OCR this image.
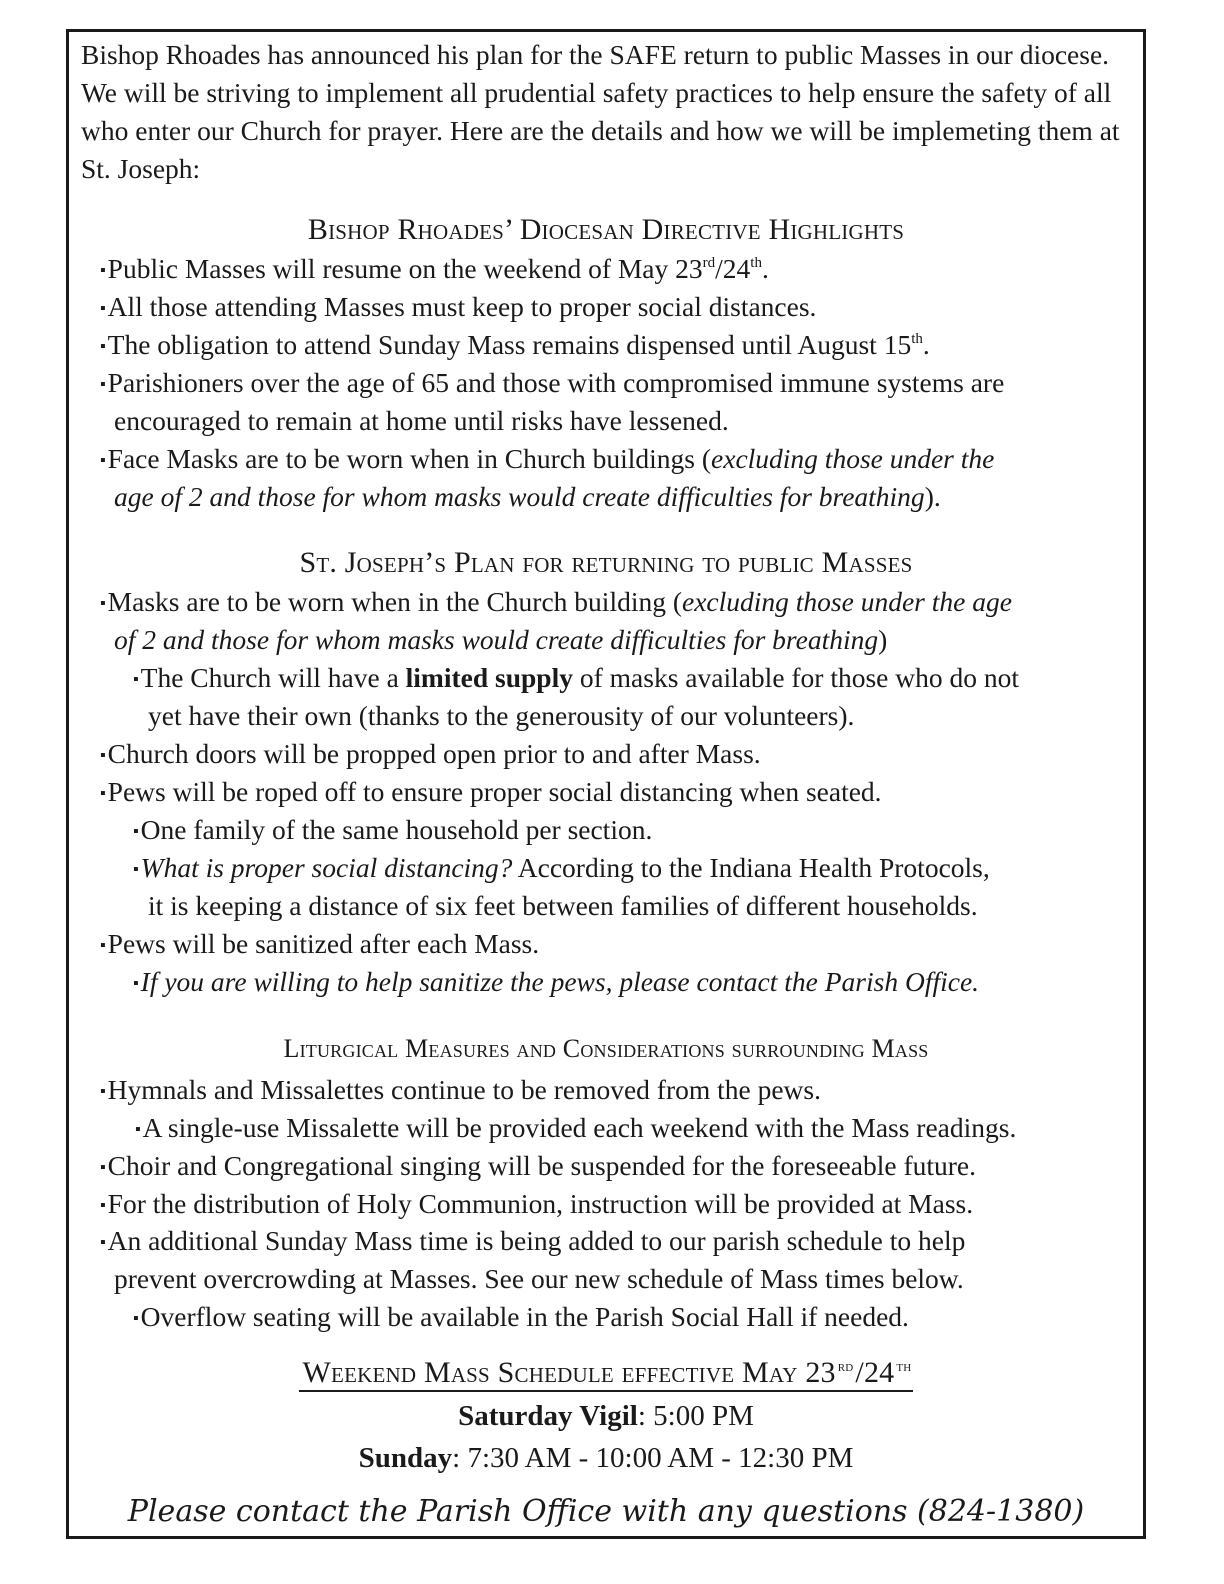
Bishop Rhoades has announced his plan for the SAFE return to public Masses in our diocese. We will be striving to implement all prudential safety practices to help ensure the safety of all who enter our Church for prayer. Here are the details and how we will be implemeting them at St. Joseph:
Bishop Rhoades’ Diocesan Directive Highlights
▪Public Masses will resume on the weekend of May 23rd/24th.
▪All those attending Masses must keep to proper social distances.
▪The obligation to attend Sunday Mass remains dispensed until August 15th.
▪Parishioners over the age of 65 and those with compromised immune systems are
encouraged to remain at home until risks have lessened.
▪Face Masks are to be worn when in Church buildings (excluding those under the
age of 2 and those for whom masks would create difficulties for breathing).
St. Joseph’s Plan for returning to public Masses
▪Masks are to be worn when in the Church building (excluding those under the age
of 2 and those for whom masks would create difficulties for breathing)
▪The Church will have a limited supply of masks available for those who do not
yet have their own (thanks to the generousity of our volunteers).
▪Church doors will be propped open prior to and after Mass.
▪Pews will be roped off to ensure proper social distancing when seated.
▪One family of the same household per section.
▪What is proper social distancing? According to the Indiana Health Protocols,
it is keeping a distance of six feet between families of different households.
▪Pews will be sanitized after each Mass.
▪If you are willing to help sanitize the pews, please contact the Parish Office.
Liturgical Measures and Considerations surrounding Mass
▪Hymnals and Missalettes continue to be removed from the pews.
▪A single-use Missalette will be provided each weekend with the Mass readings.
▪Choir and Congregational singing will be suspended for the foreseeable future.
▪For the distribution of Holy Communion, instruction will be provided at Mass.
▪An additional Sunday Mass time is being added to our parish schedule to help
prevent overcrowding at Masses. See our new schedule of Mass times below.
▪Overflow seating will be available in the Parish Social Hall if needed.
Weekend Mass Schedule effective May 23 $^{rd}$/24 $^{th}$
Saturday Vigil: 5:00 PM
Sunday: 7:30 AM - 10:00 AM - 12:30 PM
Please contact the Parish Office with any questions (824-1380)
